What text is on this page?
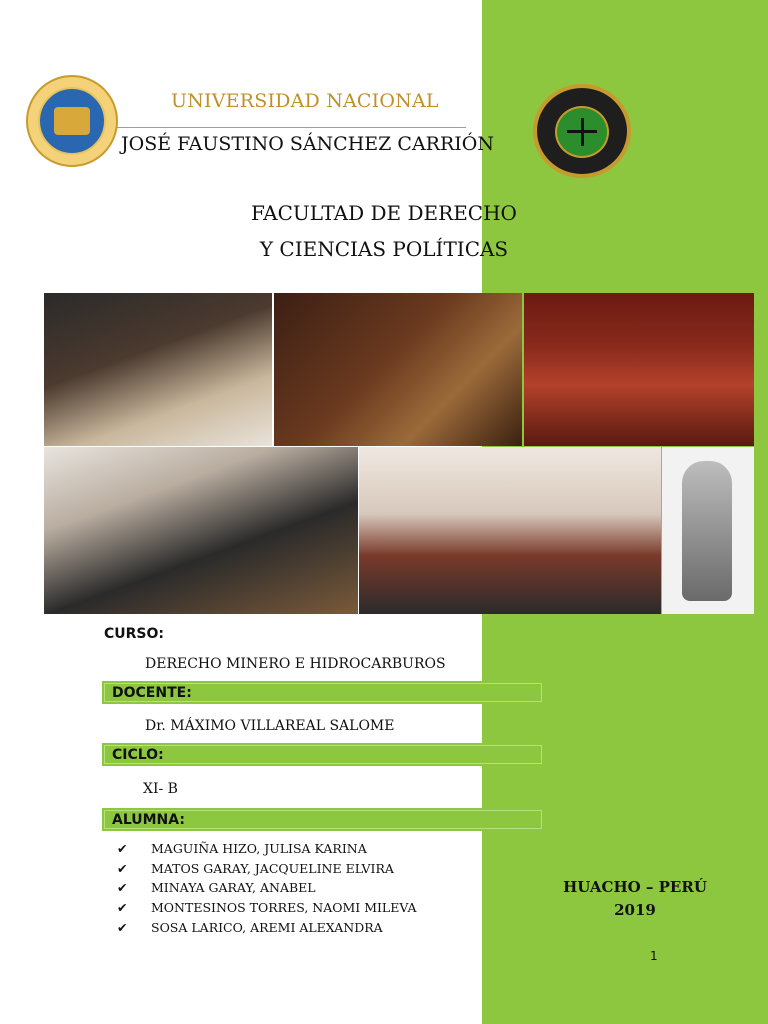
UNIVERSIDAD NACIONAL
JOSÉ FAUSTINO SÁNCHEZ CARRIÓN
FACULTAD DE DERECHO
Y CIENCIAS POLÍTICAS
CURSO:
DERECHO MINERO E HIDROCARBUROS
DOCENTE:
Dr. MÁXIMO VILLAREAL SALOME
CICLO:
XI- B
ALUMNA:
✔ MAGUIÑA HIZO, JULISA KARINA
✔ MATOS GARAY, JACQUELINE ELVIRA
✔ MINAYA GARAY, ANABEL
✔ MONTESINOS TORRES, NAOMI MILEVA
✔ SOSA LARICO, AREMI ALEXANDRA
HUACHO – PERÚ
2019
1
